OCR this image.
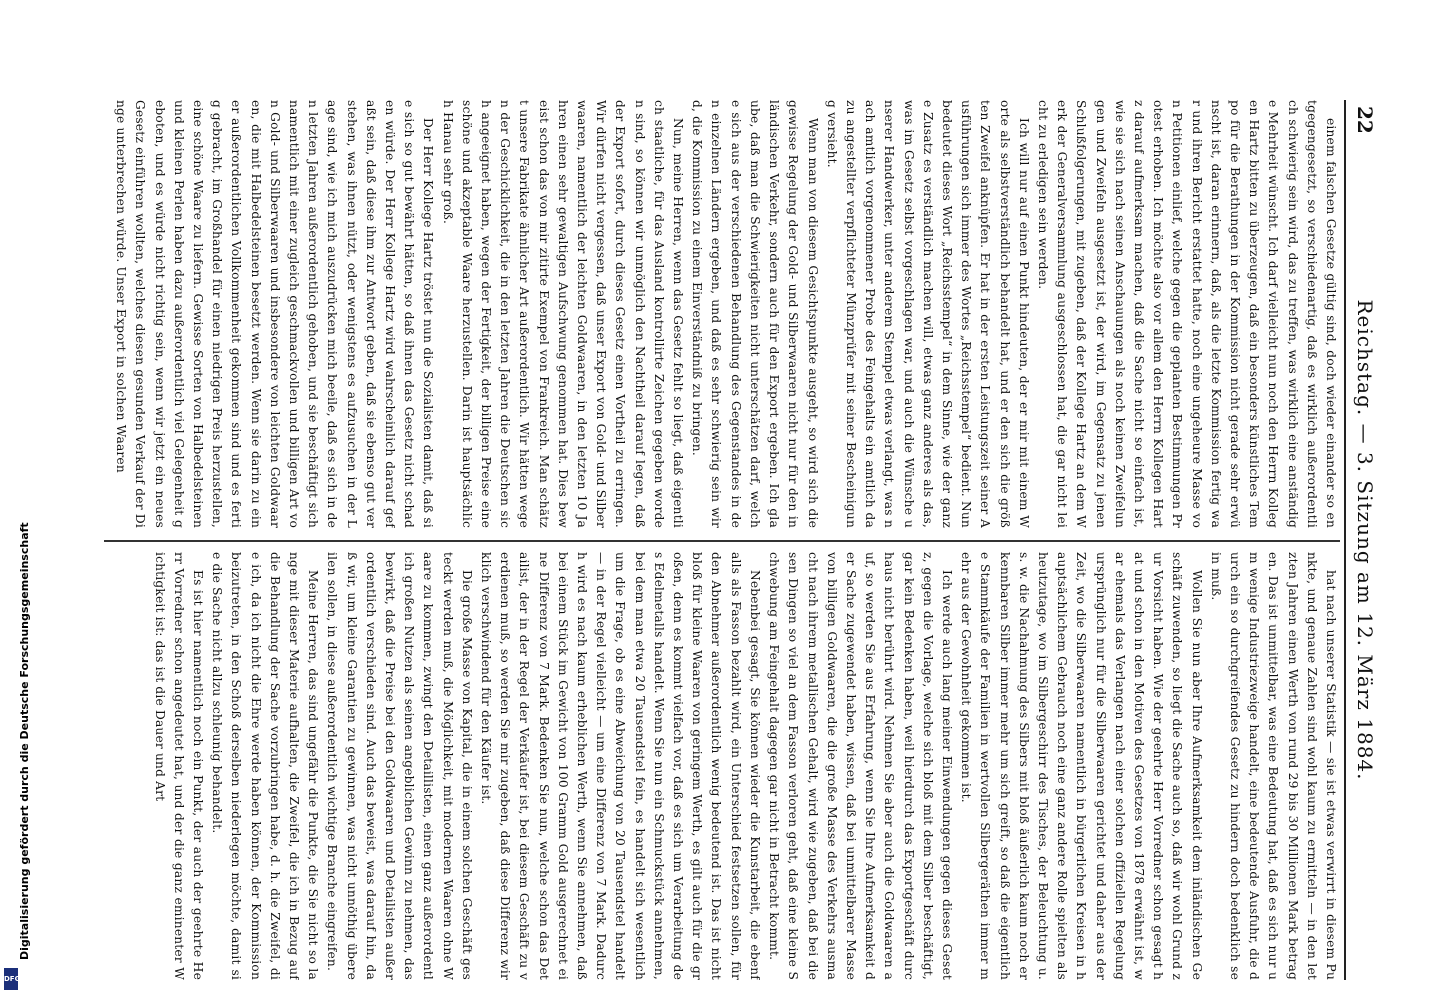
22
Reichstag. — 3. Sitzung am 12. März 1884.

einem falschen Gesetze gültig sind, doch wieder einander so entgegengesetzt, so verschiedenartig, daß es wirklich außerordentlich schwierig sein wird, das zu treffen, was wirklich eine anständige Mehrheit wünscht. Ich darf vielleicht nun noch den Herrn Kollegen Hartz bitten zu überzeugen, daß ein besonders künstliches Tempo für die Berathungen in der Kommission nicht gerade sehr erwünscht ist, daran erinnern, daß, als die letzte Kommission fertig war und ihren Bericht erstattet hatte, noch eine ungeheure Masse von Petitionen einlief, welche gegen die geplanten Bestimmungen Protest erhoben. Ich möchte also vor allem den Herrn Kollegen Hartz darauf aufmerksam machen, daß die Sache nicht so einfach ist, wie sie sich nach seinen Anschauungen als noch keinen Zweifelungen und Zweifeln ausgesetzt ist, der wird, im Gegensatz zu jenen Schlußfolgerungen, mit zugeben, daß der Kollege Hartz an dem Werk der Generalversammlung ausgeschlossen hat, die gar nicht leicht zu erledigen sein werden.

Ich will nur auf einen Punkt hindeuten, der er mir mit einem Worte als selbstverständlich behandelt hat, und er den sich die größten Zweifel anknüpfen. Er hat in der ersten Leistungszeit seiner Ausführungen sich immer des Wortes „Reichsstempel“ bedient. Nun bedeutet dieses Wort „Reichsstempel“ in dem Sinne, wie der ganze Zusatz es verständlich machen will, etwas ganz anderes als das, was im Gesetz selbst vorgeschlagen war, und auch die Wünsche unserer Handwerker, unter anderem Stempel etwas verlangt, was nach amtlich vorgenommener Probe des Feingehalts ein amtlich dazu angestellter verpflichteter Münzprüfer mit seiner Bescheinigung versieht.

Wenn man von diesem Gesichtspunkte ausgeht, so wird sich die gewisse Regelung der Gold- und Silberwaaren nicht nur für den inländischen Verkehr, sondern auch für den Export ergeben. Ich glaube, daß man die Schwierigkeiten nicht unterschätzen darf, welche sich aus der verschiedenen Behandlung des Gegenstandes in den einzelnen Ländern ergeben, und daß es sehr schwierig sein wird, die Kommission zu einem Einverständniß zu bringen.

Nun, meine Herren, wenn das Gesetz fehlt so liegt, daß eigentlich staatliche, für das Ausland kontrollirte Zeichen gegeben worden sind, so können wir unmöglich den Nachtheil darauf legen, daß der Export sofort, durch dieses Gesetz einen Vortheil zu erringen. Wir dürfen nicht vergessen, daß unser Export von Gold- und Silberwaaren, namentlich der leichten Goldwaaren, in den letzten 10 Jahren einen sehr gewaltigen Aufschwung genommen hat. Dies beweist schon das von mir zitirte Exempel von Frankreich. Man schätzt unsere Fabrikate ähnlicher Art außerordentlich. Wir hätten wegen der Geschicklichkeit, die in den letzten Jahren die Deutschen sich angeeignet haben, wegen der Fertigkeit, der billigen Preise eine schöne und akzeptable Waare herzustellen. Darin ist hauptsächlich Hanau sehr groß.

Der Herr Kollege Hartz tröstet nun die Sozialisten damit, daß sie sich so gut bewährt hätten, so daß ihnen das Gesetz nicht schaden würde. Der Herr Kollege Hartz wird wahrscheinlich darauf gefaßt sein, daß diese ihm zur Antwort geben, daß sie ebenso gut verstehen, was ihnen nützt, oder wenigstens es aufzusuchen in der Lage sind, wie ich mich auszudrücken mich beeile, daß es sich in den letzten Jahren außerordentlich gehoben, und sie beschäftigt sich namentlich mit einer zugleich geschmackvollen und billigen Art von Gold- und Silberwaaren und insbesondere von leichten Goldwaaren, die mit Halbedelsteinen besetzt werden. Wenn sie darin zu einer außerordentlichen Vollkommenheit gekommen sind und es fertig gebracht, im Großhandel für einen niedrigen Preis herzustellen, eine schöne Waare zu liefern. Gewisse Sorten von Halbedelsteinen und kleinen Perlen haben dazu außerordentlich viel Gelegenheit geboten, und es würde nicht richtig sein, wenn wir jetzt ein neues Gesetz einführen wollten, welches diesen gesunden Verkauf der Dinge unterbrechen würde. Unser Export in solchen Waaren

hat nach unserer Statistik — sie ist etwas verwirrt in diesem Punkte, und genaue Zahlen sind wohl kaum zu ermitteln — in den letzten Jahren einen Werth von rund 29 bis 30 Millionen Mark betragen. Das ist unmittelbar, was eine Bedeutung hat, daß es sich nur um wenige Industriezweige handelt, eine bedeutende Ausfuhr, die durch ein so durchgreifendes Gesetz zu hindern doch bedenklich sein muß.

Wollen Sie nun aber Ihre Aufmerksamkeit dem inländischen Geschäft zuwenden, so liegt die Sache auch so, daß wir wohl Grund zur Vorsicht haben. Wie der geehrte Herr Vorredner schon gesagt hat und schon in den Motiven des Gesetzes von 1878 erwähnt ist, war ehemals das Verlangen nach einer solchen offiziellen Regelung ursprünglich nur für die Silberwaaren gerichtet und daher aus der Zeit, wo die Silberwaaren namentlich in bürgerlichen Kreisen in hauptsächlichem Gebrauch noch eine ganz andere Rolle spielten als heutzutage, wo im Silbergeschirr des Tisches, der Beleuchtung u. s. w. die Nachahmung des Silbers mit bloß äußerlich kaum noch erkennbaren Silber immer mehr um sich greift, so daß die eigentliche Stammkäufe der Familien in wertvollen Silbergeräthen immer mehr aus der Gewohnheit gekommen ist.

Ich werde auch lang meiner Einwendungen gegen dieses Gesetz, gegen die Vorlage, welche sich bloß mit dem Silber beschäftigt, gar kein Bedenken haben, weil hierdurch das Exportgeschäft durchaus nicht berührt wird. Nehmen Sie aber auch die Goldwaaren auf, so werden Sie aus Erfahrung, wenn Sie Ihre Aufmerksamkeit der Sache zugewendet haben, wissen, daß bei unmittelbarer Masse von billigen Goldwaaren, die die große Masse des Verkehrs ausmacht nach ihrem metallischen Gehalt, wird wie zugeben, daß bei diesen Dingen so viel an dem Fasson verloren geht, daß eine kleine Schwebung am Feingehalt dagegen gar nicht in Betracht kommt.

Nebenbei gesagt, Sie können wieder die Kunstarbeit, die ebenfalls als Fasson bezahlt wird, ein Unterschied festsetzen sollen, für den Abnehmer außerordentlich wenig bedeutend ist. Das ist nicht bloß für kleine Waaren von geringem Werth, es gilt auch für die großen, denn es kommt vielfach vor, daß es sich um Verarbeitung des Edelmetalls handelt. Wenn Sie nun ein Schmuckstück annehmen, bei dem man etwa 20 Tausendstel fein, es handelt sich wesentlich um die Frage, ob es eine Abweichung von 20 Tausendstel handelt — in der Regel vielleicht — um eine Differenz von 7 Mark. Dadurch wird es nach kaum erheblichen Werth, wenn Sie annehmen, daß bei einem Stück im Gewicht von 100 Gramm Gold ausgerechnet eine Differenz von 7 Mark. Bedenken Sie nun, welche schon das Detailist, der in der Regel der Verkäufer ist, bei diesem Geschäft zu verdienen muß, so werden Sie mir zugeben, daß diese Differenz wirklich verschwindend für den Käufer ist.

Die große Masse von Kapital, die in einem solchen Geschäft gesteckt werden muß, die Möglichkeit, mit modernen Waaren ohne Waare zu kommen, zwingt den Detaillisten, einen ganz außerordentlich großen Nutzen als seinen angeblichen Gewinn zu nehmen, das bewirkt, daß die Preise bei den Goldwaaren und Detailisten außerordentlich verschieden sind. Auch das beweist, was darauf hin, daß wir, um kleine Garantien zu gewinnen, was nicht unnöthig übereilen sollen, in diese außerordentlich wichtige Branche eingreifen.

Meine Herren, das sind ungefähr die Punkte, die Sie nicht so lange mit dieser Materie aufhalten, die Zweifel, die ich in Bezug auf die Behandlung der Sache vorzubringen habe, d. h. die Zweifel, die ich, da ich nicht die Ehre werde haben können, der Kommission beizutreten, in den Schoß derselben niederlegen möchte, damit sie die Sache nicht allzu schleunig behandelt.

Es ist hier namentlich noch ein Punkt, der auch der geehrte Herr Vorredner schon angedeutet hat, und der die ganz eminenter Wichtigkeit ist: das ist die Dauer und Art

Digitalisierung gefördert durch die Deutsche Forschungsgemeinschaft
DFG
